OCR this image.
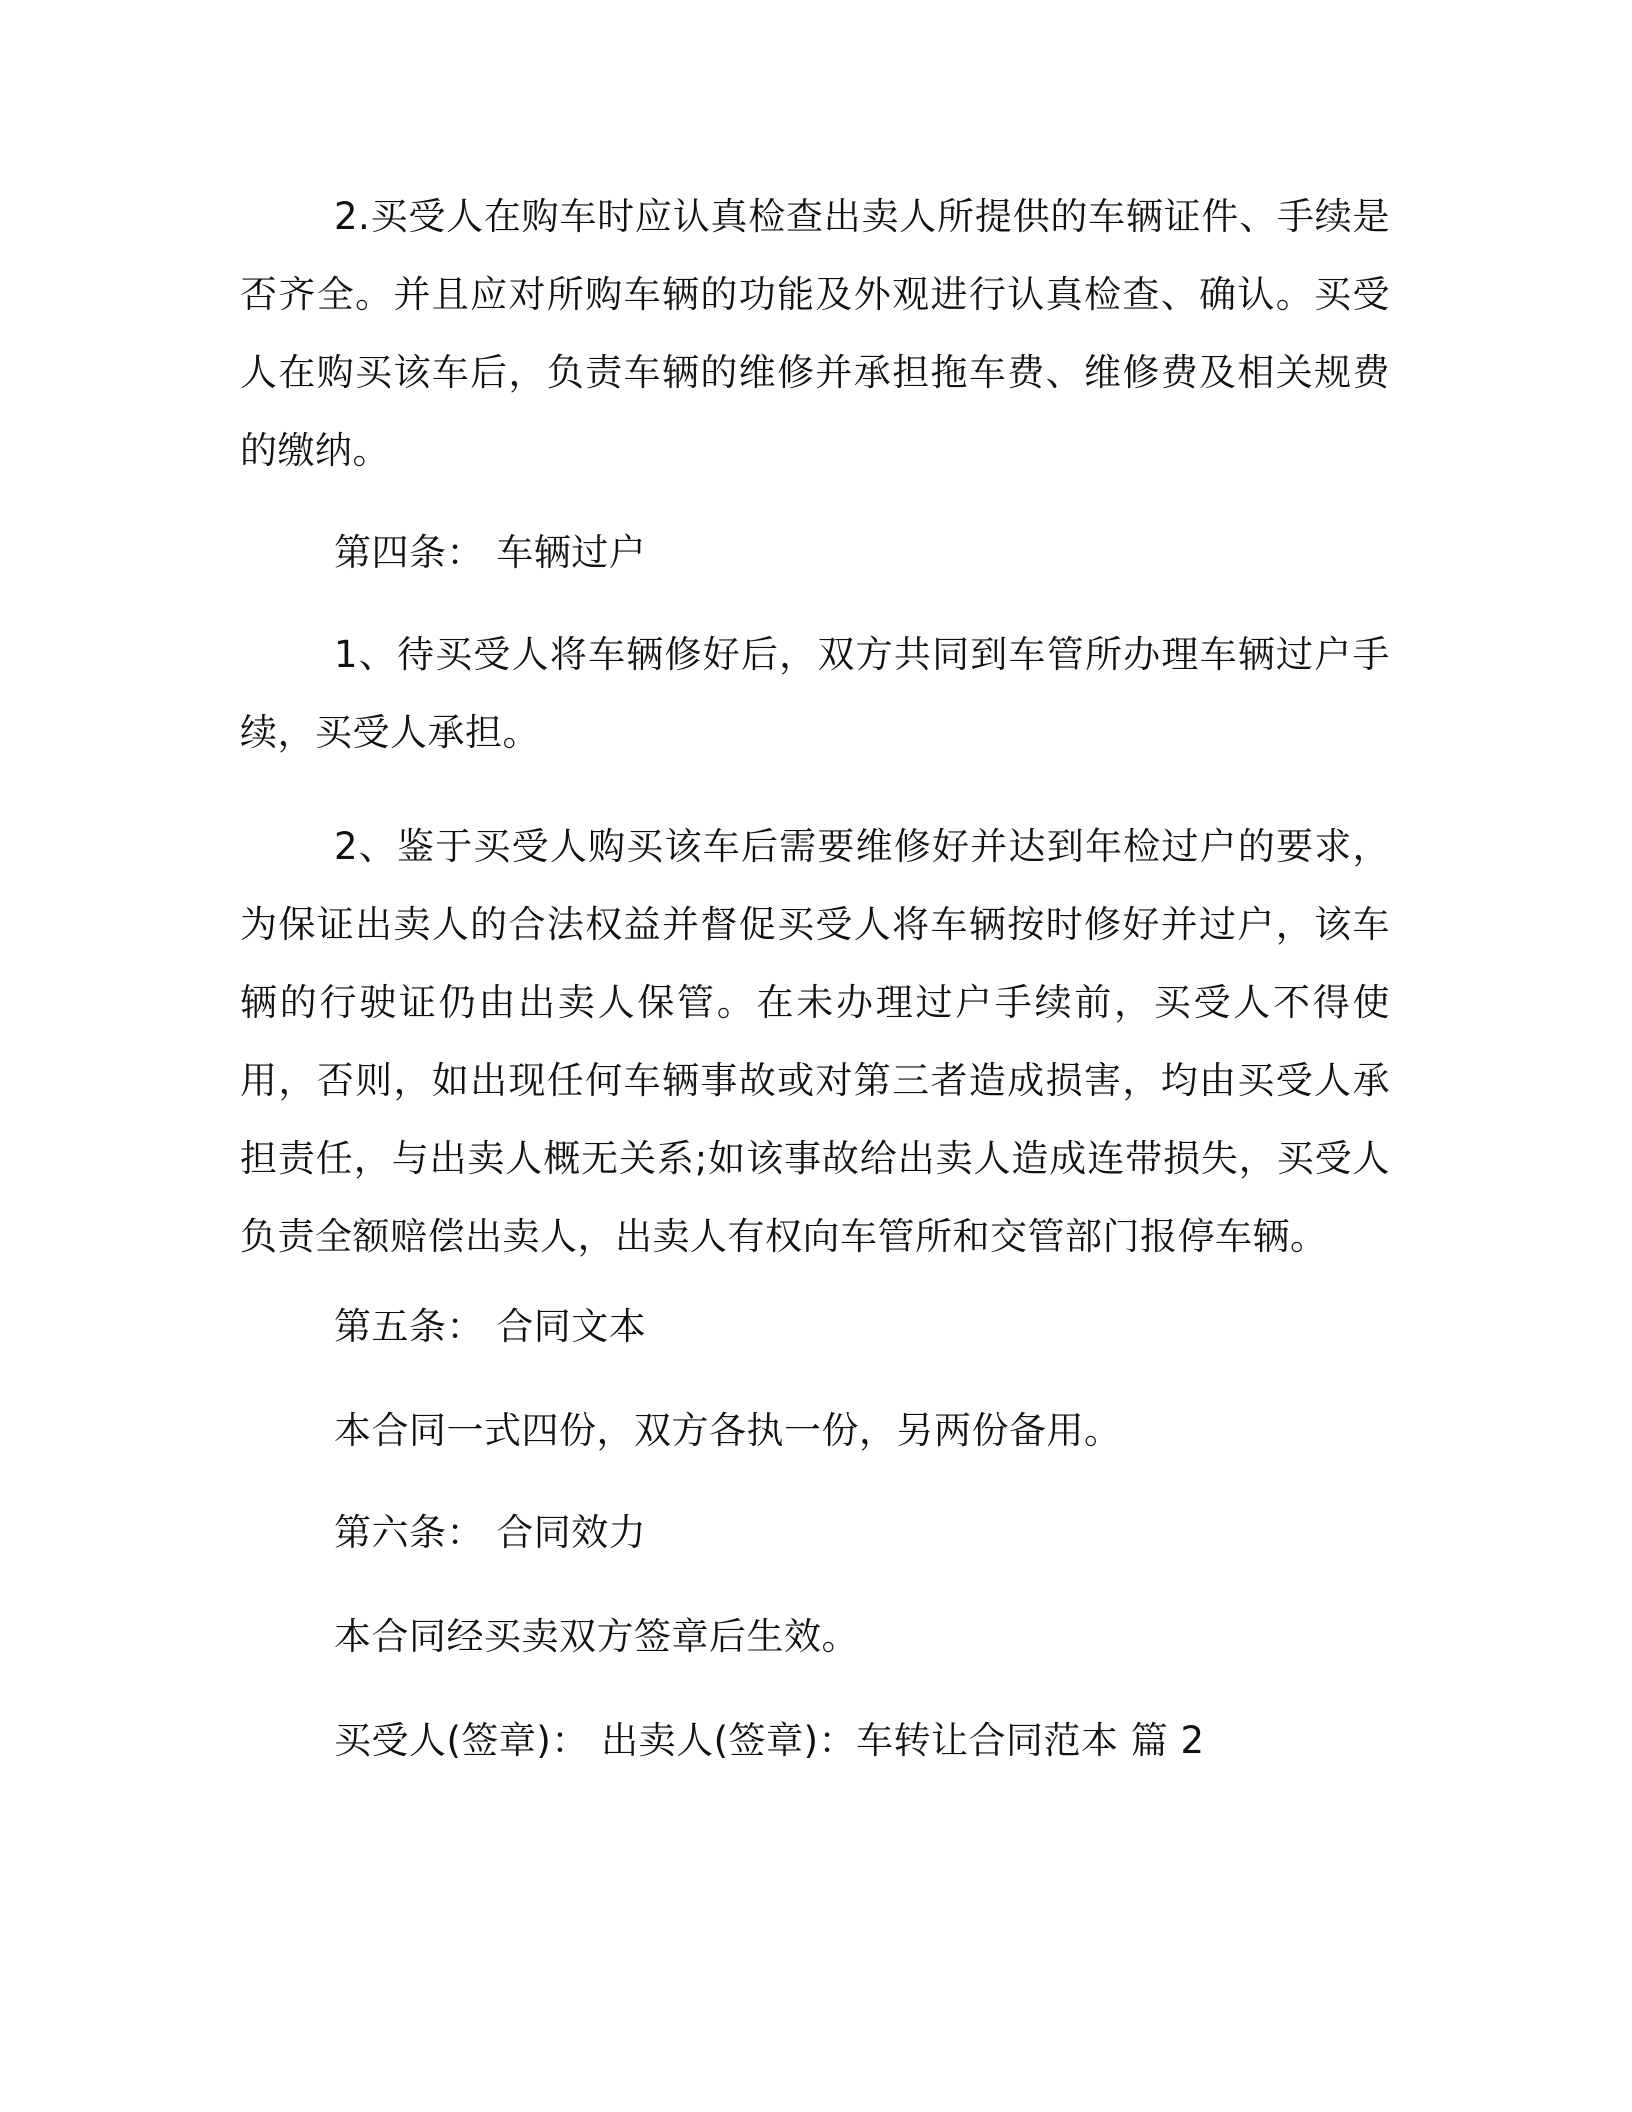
2.买受人在购车时应认真检查出卖人所提供的车辆证件、手续是否齐全。并且应对所购车辆的功能及外观进行认真检查、确认。买受人在购买该车后，负责车辆的维修并承担拖车费、维修费及相关规费的缴纳。

第四条： 车辆过户

1、待买受人将车辆修好后，双方共同到车管所办理车辆过户手续，买受人承担。

2、鉴于买受人购买该车后需要维修好并达到年检过户的要求，为保证出卖人的合法权益并督促买受人将车辆按时修好并过户，该车辆的行驶证仍由出卖人保管。在未办理过户手续前，买受人不得使用，否则，如出现任何车辆事故或对第三者造成损害，均由买受人承担责任，与出卖人概无关系;如该事故给出卖人造成连带损失，买受人负责全额赔偿出卖人，出卖人有权向车管所和交管部门报停车辆。

第五条： 合同文本

本合同一式四份，双方各执一份，另两份备用。

第六条： 合同效力

本合同经买卖双方签章后生效。

买受人(签章)： 出卖人(签章)：车转让合同范本 篇 2
